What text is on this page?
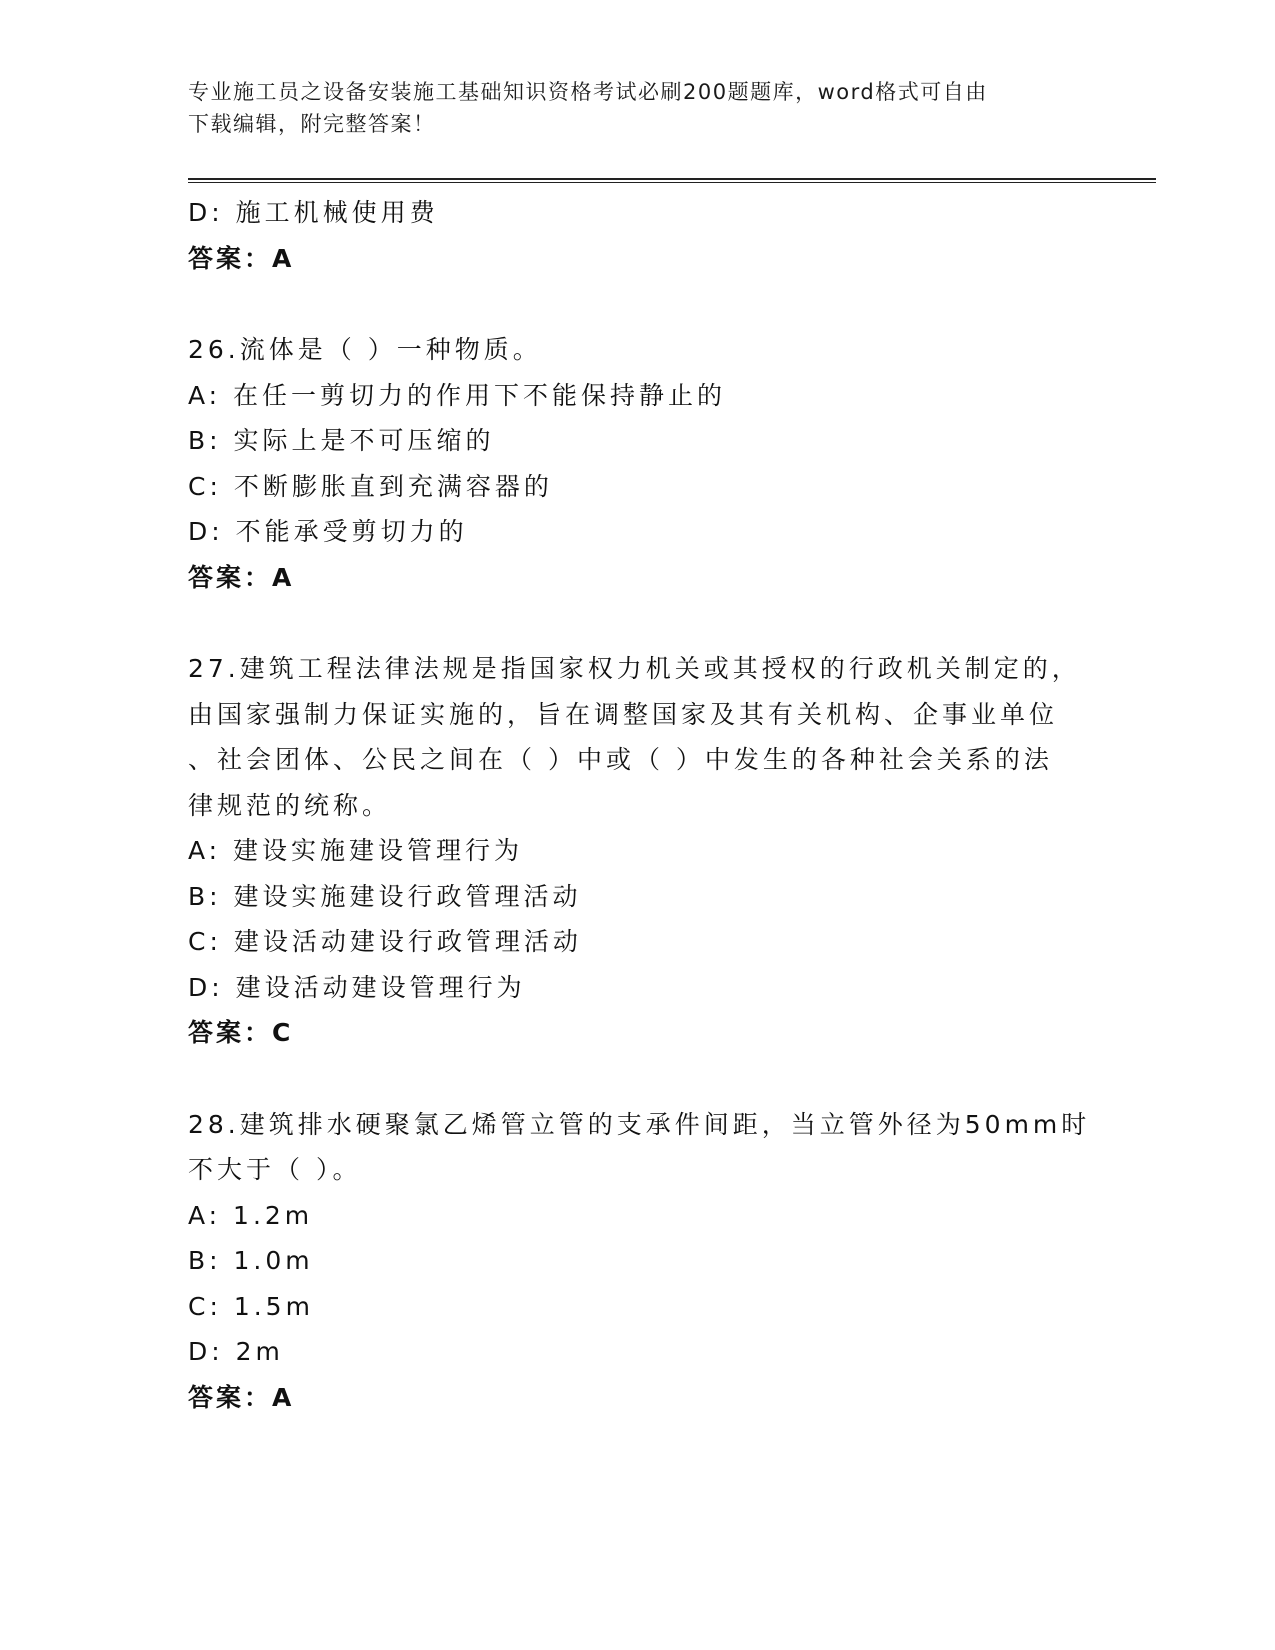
专业施工员之设备安装施工基础知识资格考试必刷200题题库，word格式可自由
下载编辑，附完整答案！

D: 施工机械使用费

答案：A

26.流体是（ ）一种物质。

A: 在任一剪切力的作用下不能保持静止的

B: 实际上是不可压缩的

C: 不断膨胀直到充满容器的

D: 不能承受剪切力的

答案：A

27.建筑工程法律法规是指国家权力机关或其授权的行政机关制定的，

由国家强制力保证实施的，旨在调整国家及其有关机构、企事业单位

、社会团体、公民之间在（ ）中或（ ）中发生的各种社会关系的法

律规范的统称。

A: 建设实施建设管理行为

B: 建设实施建设行政管理活动

C: 建设活动建设行政管理活动

D: 建设活动建设管理行为

答案：C

28.建筑排水硬聚氯乙烯管立管的支承件间距，当立管外径为50mm时

不大于（ ）。

A: 1.2m

B: 1.0m

C: 1.5m

D: 2m

答案：A
